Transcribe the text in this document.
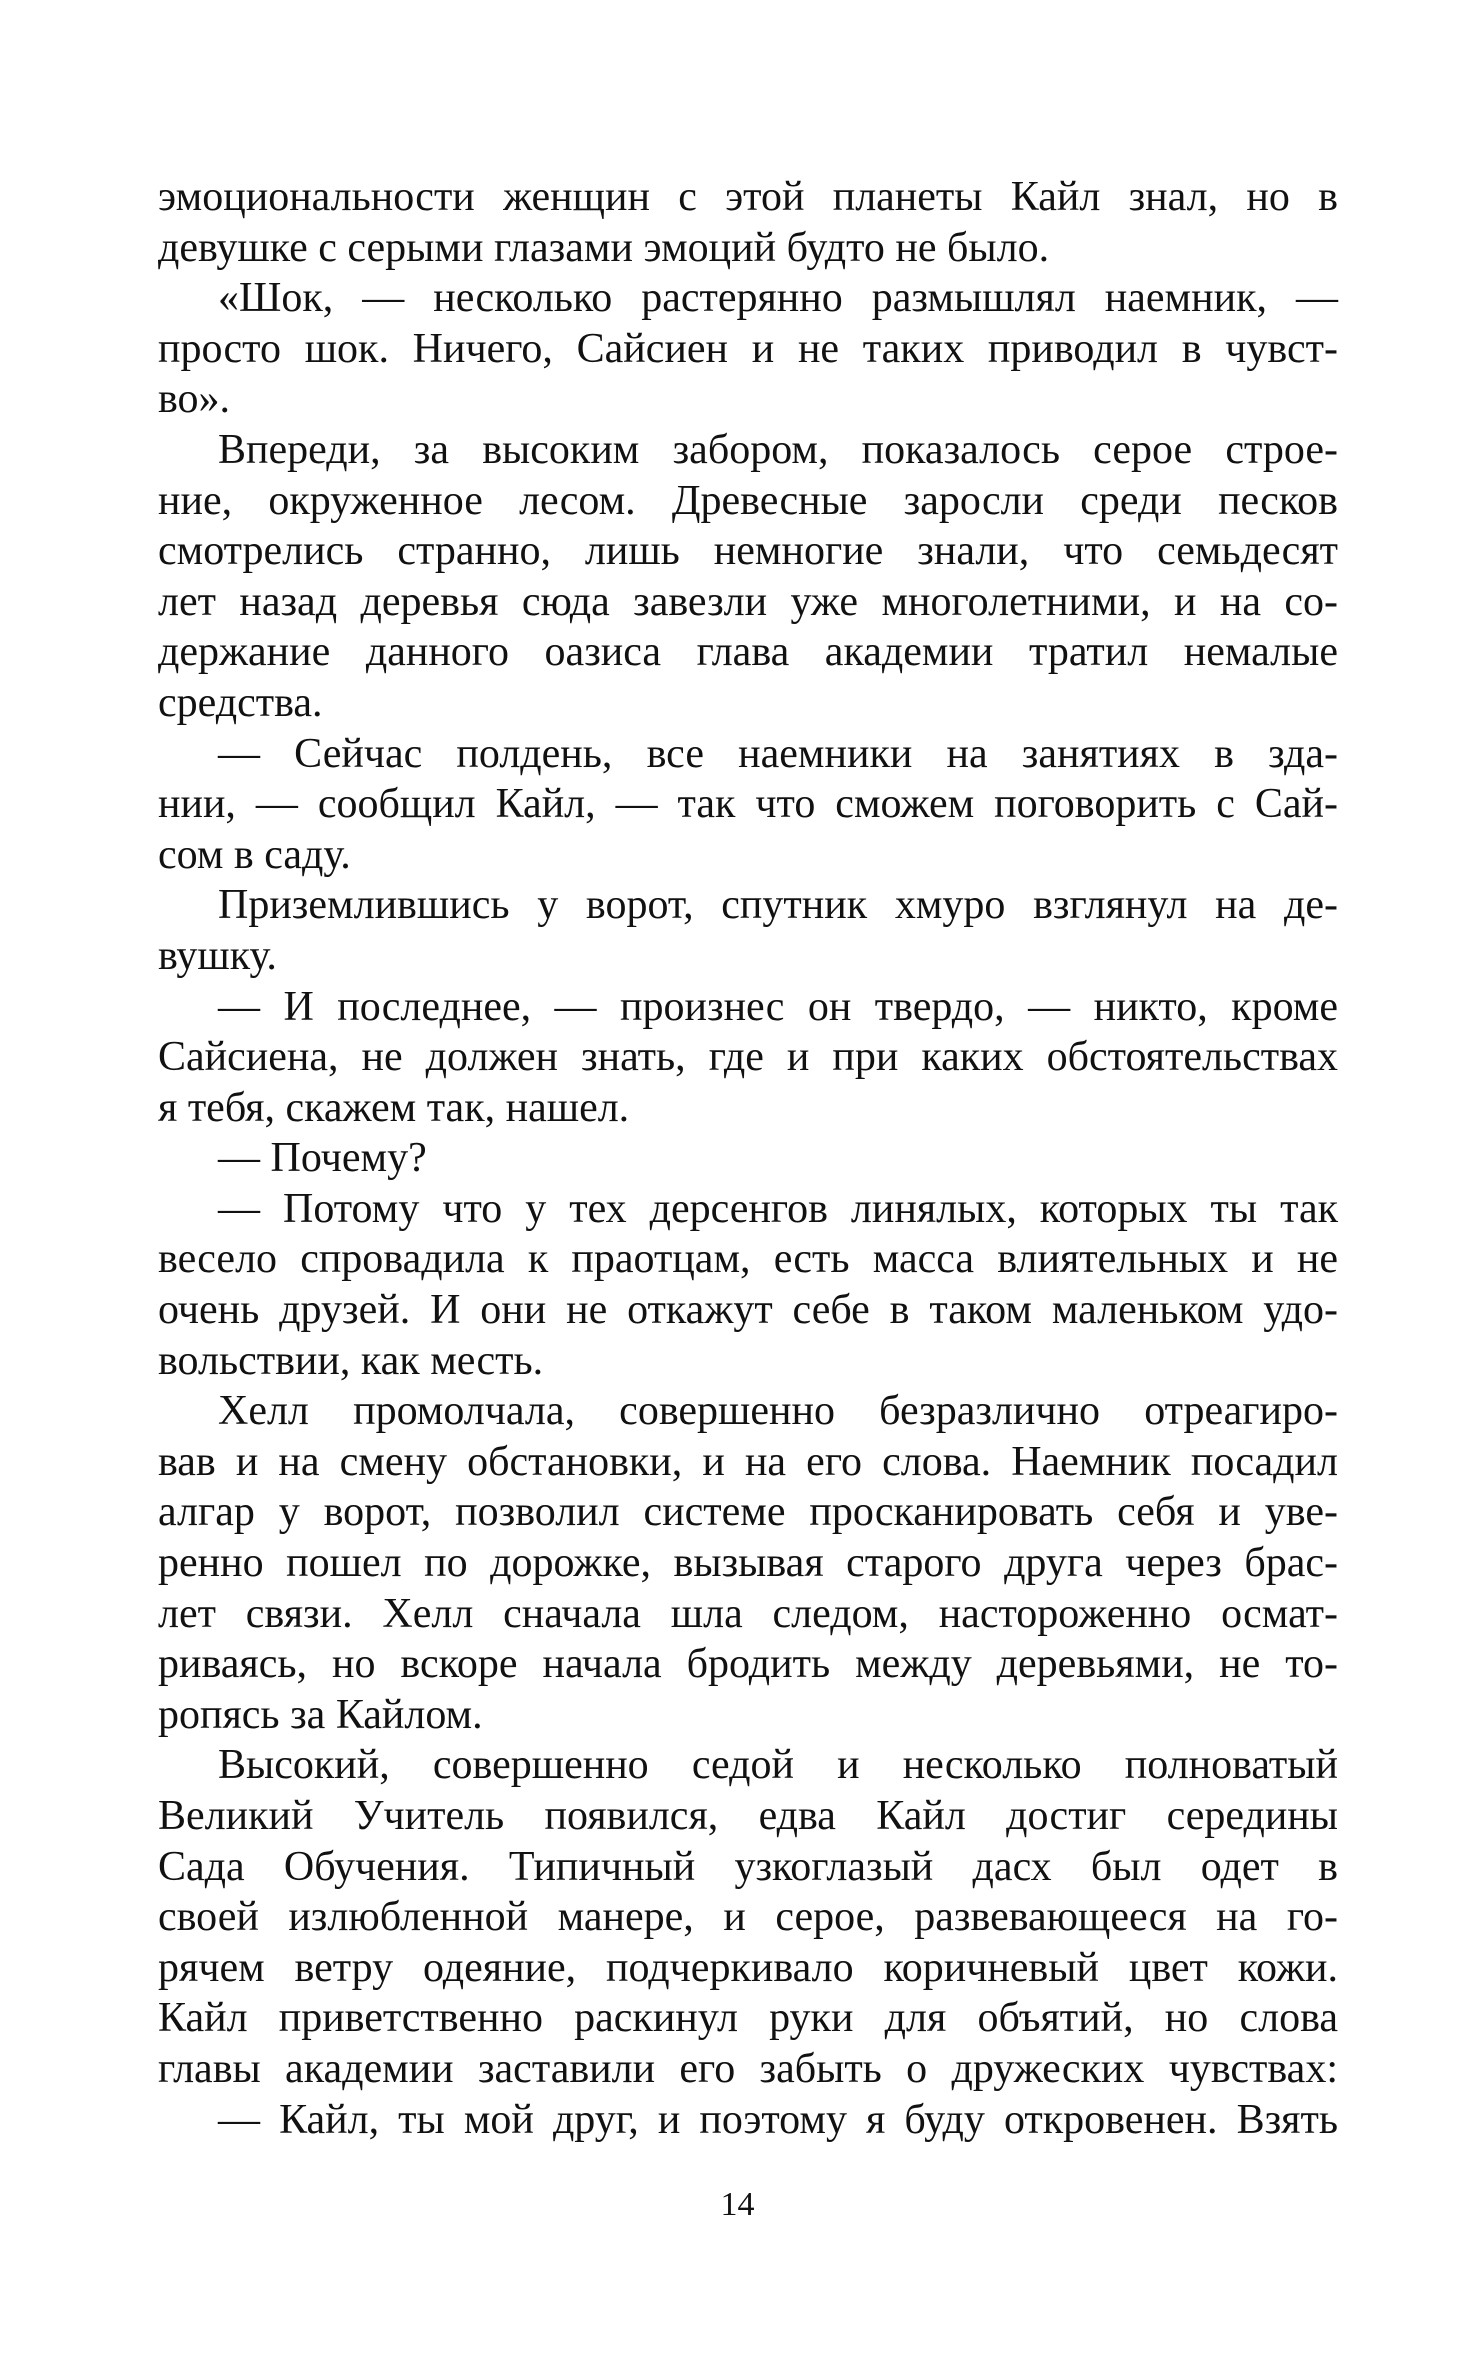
эмоциональности женщин с этой планеты Кайл знал, но в
девушке с серыми глазами эмоций будто не было.
«Шок, — несколько растерянно размышлял наемник, —
просто шок. Ничего, Сайсиен и не таких приводил в чувст-
во».
Впереди, за высоким забором, показалось серое строе-
ние, окруженное лесом. Древесные заросли среди песков
смотрелись странно, лишь немногие знали, что семьдесят
лет назад деревья сюда завезли уже многолетними, и на со-
держание данного оазиса глава академии тратил немалые
средства.
— Сейчас полдень, все наемники на занятиях в зда-
нии, — сообщил Кайл, — так что сможем поговорить с Сай-
сом в саду.
Приземлившись у ворот, спутник хмуро взглянул на де-
вушку.
— И последнее, — произнес он твердо, — никто, кроме
Сайсиена, не должен знать, где и при каких обстоятельствах
я тебя, скажем так, нашел.
— Почему?
— Потому что у тех дерсенгов линялых, которых ты так
весело спровадила к праотцам, есть масса влиятельных и не
очень друзей. И они не откажут себе в таком маленьком удо-
вольствии, как месть.
Хелл промолчала, совершенно безразлично отреагиро-
вав и на смену обстановки, и на его слова. Наемник посадил
алгар у ворот, позволил системе просканировать себя и уве-
ренно пошел по дорожке, вызывая старого друга через брас-
лет связи. Хелл сначала шла следом, настороженно осмат-
риваясь, но вскоре начала бродить между деревьями, не то-
ропясь за Кайлом.
Высокий, совершенно седой и несколько полноватый
Великий Учитель появился, едва Кайл достиг середины
Сада Обучения. Типичный узкоглазый дасх был одет в
своей излюбленной манере, и серое, развевающееся на го-
рячем ветру одеяние, подчеркивало коричневый цвет кожи.
Кайл приветственно раскинул руки для объятий, но слова
главы академии заставили его забыть о дружеских чувствах:
— Кайл, ты мой друг, и поэтому я буду откровенен. Взять
14
